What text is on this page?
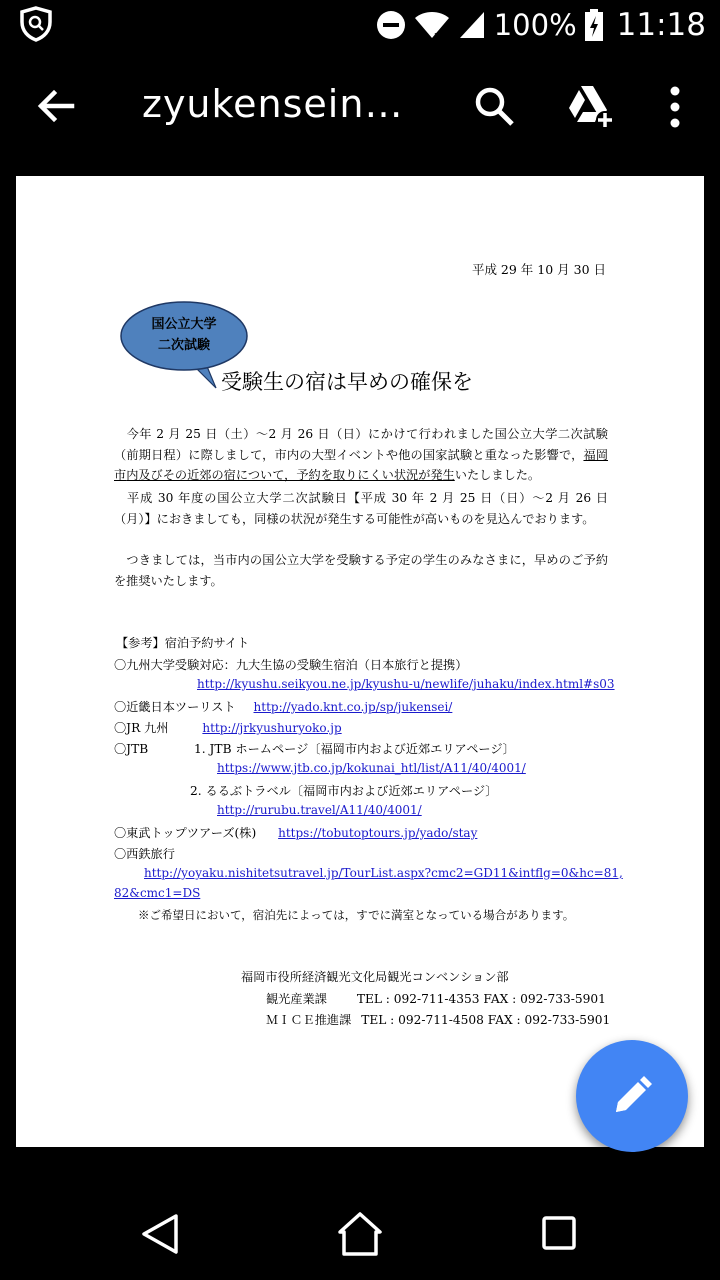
? 100% 11:18
zyukensein…
平成 29 年 10 月 30 日
国公立大学
二次試験
受験生の宿は早めの確保を
　今年 2 月 25 日（土）～2 月 26 日（日）にかけて行われました国公立大学二次試験（前期日程）に際しまして，市内の大型イベントや他の国家試験と重なった影響で，福岡市内及びその近郊の宿について，予約を取りにくい状況が発生いたしました。
　平成 30 年度の国公立大学二次試験日【平成 30 年 2 月 25 日（日）～2 月 26 日（月）】におきましても，同様の状況が発生する可能性が高いものを見込んでおります。
　つきましては，当市内の国公立大学を受験する予定の学生のみなさまに，早めのご予約を推奨いたします。
【参考】宿泊予約サイト
〇九州大学受験対応：九大生協の受験生宿泊（日本旅行と提携）
http://kyushu.seikyou.ne.jp/kyushu-u/newlife/juhaku/index.html#s03
〇近畿日本ツーリスト http://yado.knt.co.jp/sp/jukensei/
〇JR 九州	http://jrkyushuryoko.jp
〇JTB	1. JTB ホームページ〔福岡市内および近郊エリアページ〕
https://www.jtb.co.jp/kokunai_htl/list/A11/40/4001/
2. るるぶトラベル〔福岡市内および近郊エリアページ〕
http://rurubu.travel/A11/40/4001/
〇東武トップツアーズ(株) https://tobutoptours.jp/yado/stay
〇西鉄旅行
http://yoyaku.nishitetsutravel.jp/TourList.aspx?cmc2=GD11&intflg=0&hc=81,
82&cmc1=DS
※ご希望日において，宿泊先によっては，すでに満室となっている場合があります。
福岡市役所経済観光文化局観光コンベンション部
観光産業課 TEL : 092-711-4353 FAX : 092-733-5901
ＭＩＣＥ推進課 TEL : 092-711-4508 FAX : 092-733-5901
